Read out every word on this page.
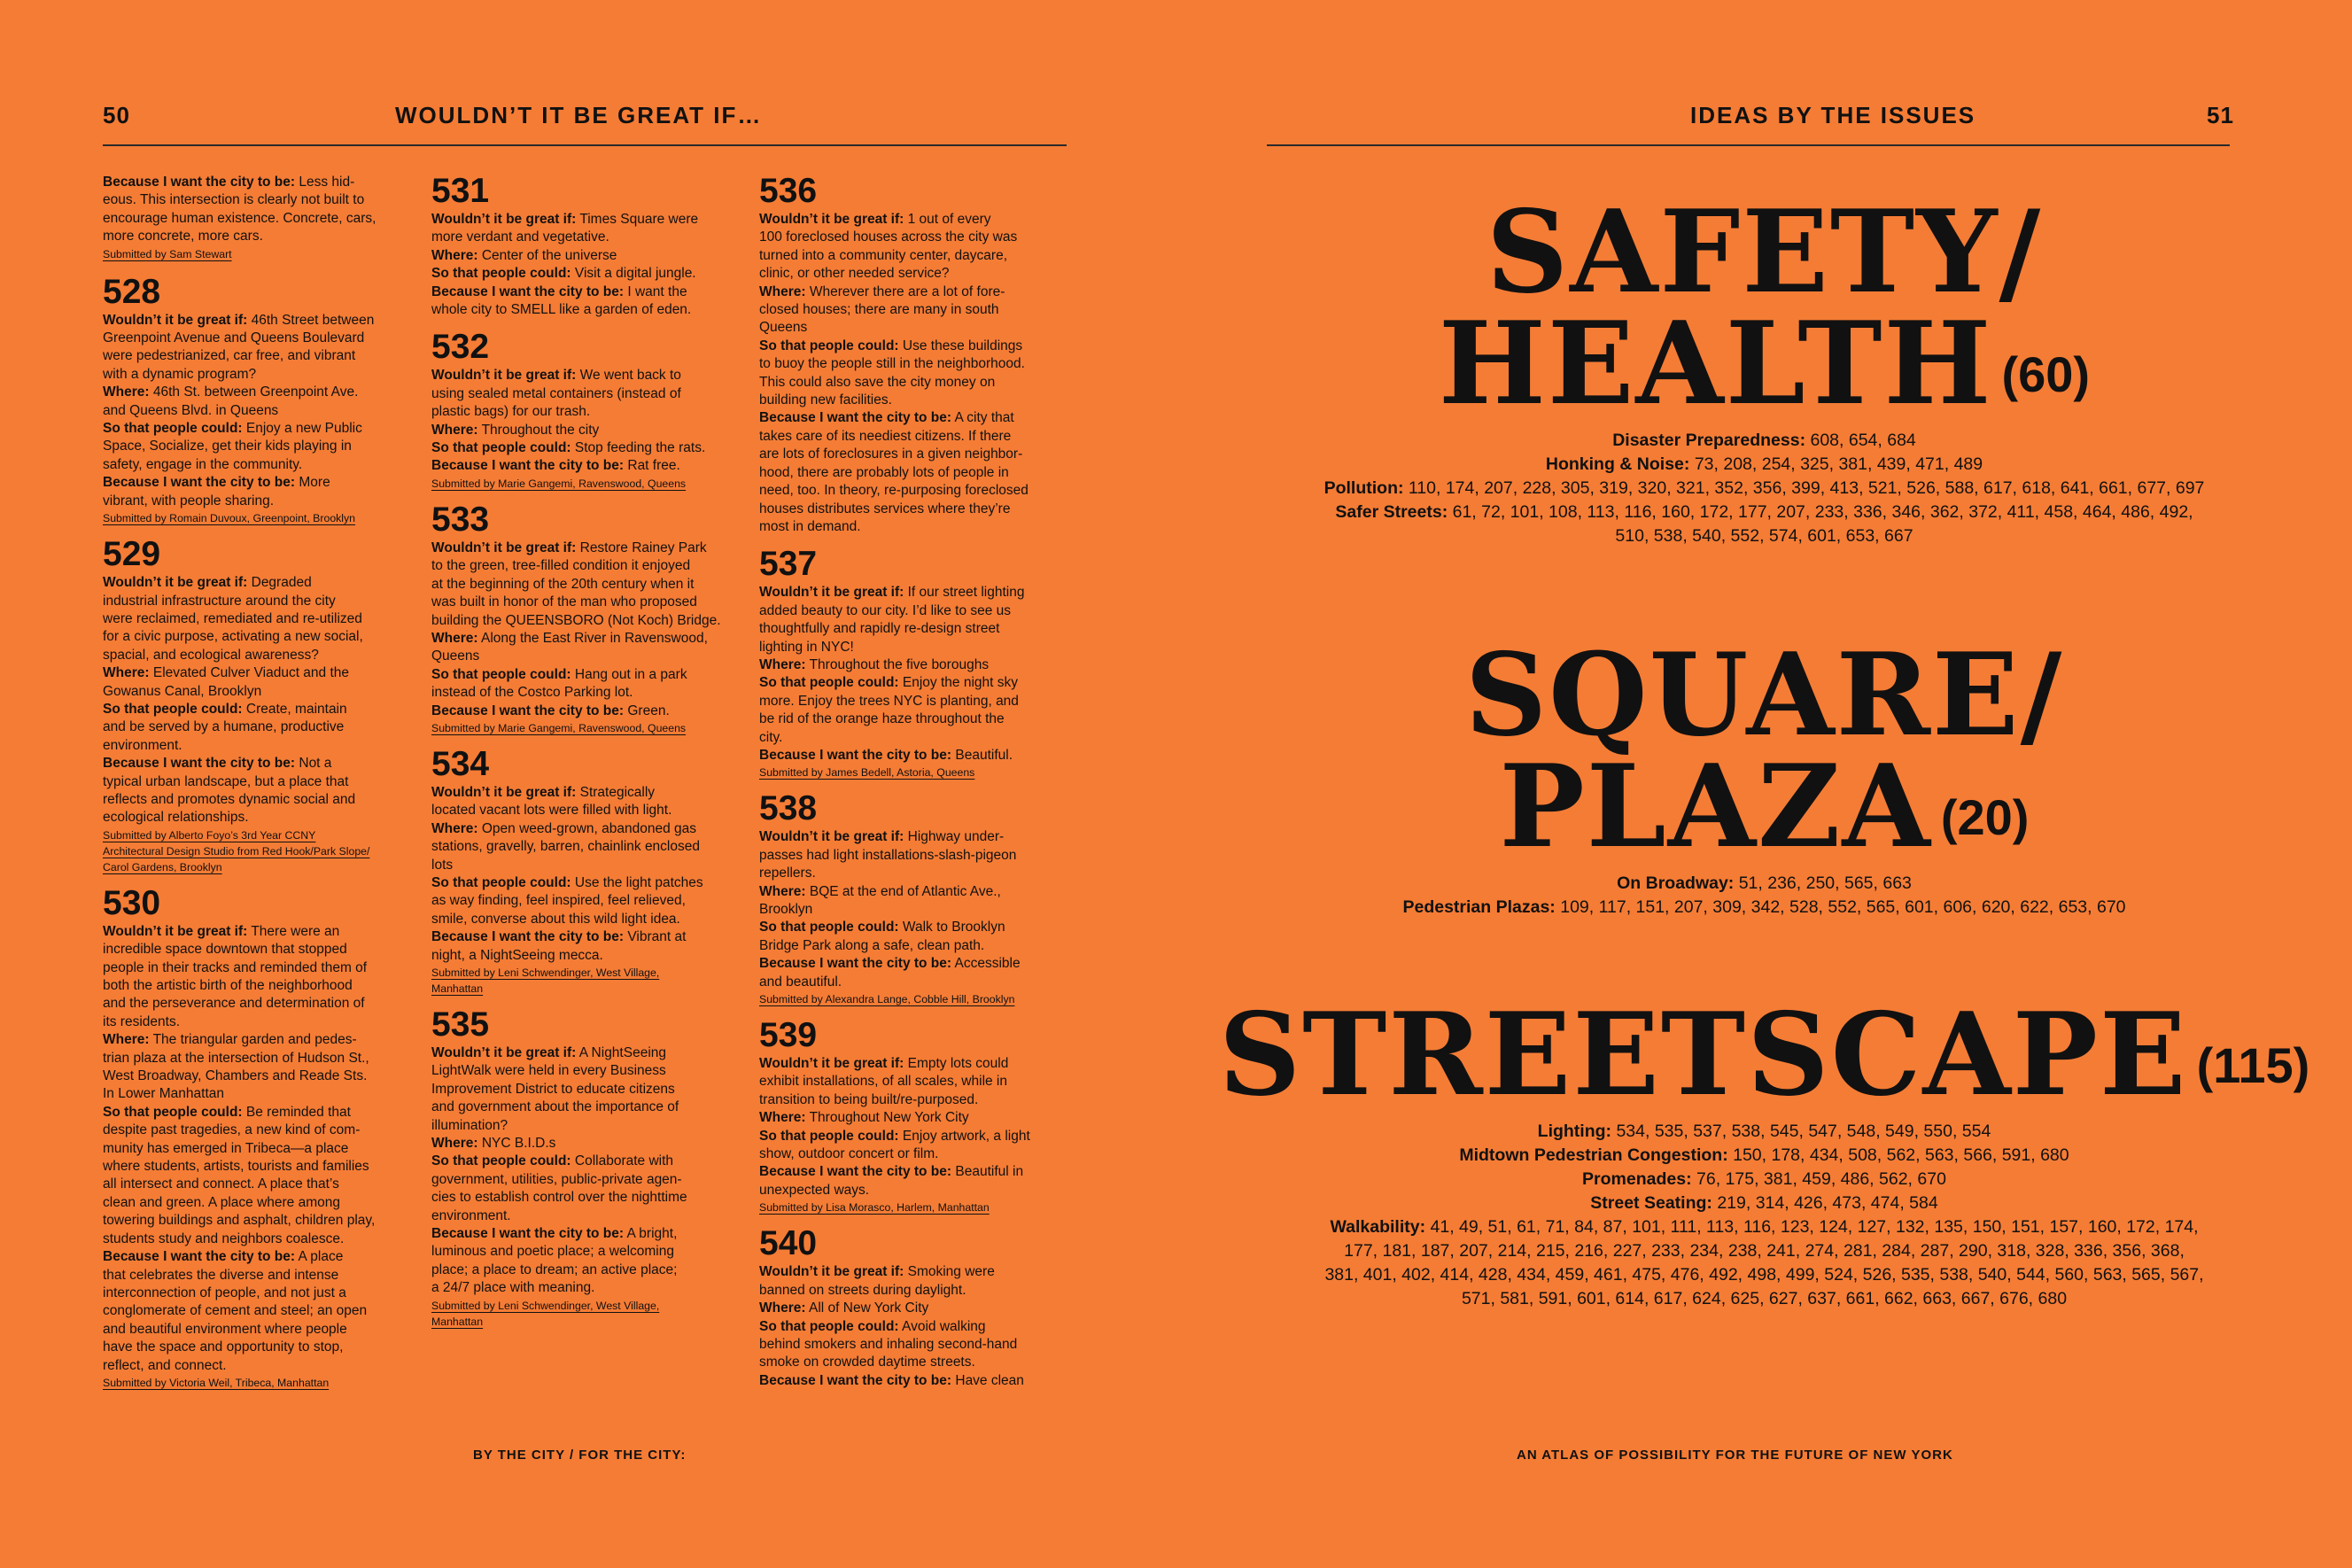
50	WOULDN’T IT BE GREAT IF…
Because I want the city to be: Less hid-
eous. This intersection is clearly not built to
encourage human existence. Concrete, cars,
more concrete, more cars.
Submitted by Sam Stewart

528
Wouldn’t it be great if: 46th Street between
Greenpoint Avenue and Queens Boulevard
were pedestrianized, car free, and vibrant
with a dynamic program?
Where: 46th St. between Greenpoint Ave.
and Queens Blvd. in Queens
So that people could: Enjoy a new Public
Space, Socialize, get their kids playing in
safety, engage in the community.
Because I want the city to be: More
vibrant, with people sharing.
Submitted by Romain Duvoux, Greenpoint, Brooklyn

529
Wouldn’t it be great if: Degraded
industrial infrastructure around the city
were reclaimed, remediated and re-utilized
for a civic purpose, activating a new social,
spacial, and ecological awareness?
Where: Elevated Culver Viaduct and the
Gowanus Canal, Brooklyn
So that people could: Create, maintain
and be served by a humane, productive
environment.
Because I want the city to be: Not a
typical urban landscape, but a place that
reflects and promotes dynamic social and
ecological relationships.
Submitted by Alberto Foyo’s 3rd Year CCNY
Architectural Design Studio from Red Hook/Park Slope/
Carol Gardens, Brooklyn

530
Wouldn’t it be great if: There were an
incredible space downtown that stopped
people in their tracks and reminded them of
both the artistic birth of the neighborhood
and the perseverance and determination of
its residents.
Where: The triangular garden and pedes-
trian plaza at the intersection of Hudson St.,
West Broadway, Chambers and Reade Sts.
In Lower Manhattan
So that people could: Be reminded that
despite past tragedies, a new kind of com-
munity has emerged in Tribeca—a place
where students, artists, tourists and families
all intersect and connect. A place that’s
clean and green. A place where among
towering buildings and asphalt, children play,
students study and neighbors coalesce.
Because I want the city to be: A place
that celebrates the diverse and intense
interconnection of people, and not just a
conglomerate of cement and steel; an open
and beautiful environment where people
have the space and opportunity to stop,
reflect, and connect.
Submitted by Victoria Weil, Tribeca, Manhattan

531
Wouldn’t it be great if: Times Square were
more verdant and vegetative.
Where: Center of the universe
So that people could: Visit a digital jungle.
Because I want the city to be: I want the
whole city to SMELL like a garden of eden.
532
Wouldn’t it be great if: We went back to
using sealed metal containers (instead of
plastic bags) for our trash.
Where: Throughout the city
So that people could: Stop feeding the rats.
Because I want the city to be: Rat free.
Submitted by Marie Gangemi, Ravenswood, Queens

533
Wouldn’t it be great if: Restore Rainey Park
to the green, tree-filled condition it enjoyed
at the beginning of the 20th century when it
was built in honor of the man who proposed
building the QUEENSBORO (Not Koch) Bridge.
Where: Along the East River in Ravenswood,
Queens
So that people could: Hang out in a park
instead of the Costco Parking lot.
Because I want the city to be: Green.
Submitted by Marie Gangemi, Ravenswood, Queens

534
Wouldn’t it be great if: Strategically
located vacant lots were filled with light.
Where: Open weed-grown, abandoned gas
stations, gravelly, barren, chainlink enclosed
lots
So that people could: Use the light patches
as way finding, feel inspired, feel relieved,
smile, converse about this wild light idea.
Because I want the city to be: Vibrant at
night, a NightSeeing mecca.
Submitted by Leni Schwendinger, West Village,
Manhattan

535
Wouldn’t it be great if: A NightSeeing
LightWalk were held in every Business
Improvement District to educate citizens
and government about the importance of
illumination?
Where: NYC B.I.D.s
So that people could: Collaborate with
government, utilities, public-private agen-
cies to establish control over the nighttime
environment.
Because I want the city to be: A bright,
luminous and poetic place; a welcoming
place; a place to dream; an active place;
a 24/7 place with meaning.
Submitted by Leni Schwendinger, West Village,
Manhattan

536
Wouldn’t it be great if: 1 out of every
100 foreclosed houses across the city was
turned into a community center, daycare,
clinic, or other needed service?
Where: Wherever there are a lot of fore-
closed houses; there are many in south
Queens
So that people could: Use these buildings
to buoy the people still in the neighborhood.
This could also save the city money on
building new facilities.
Because I want the city to be: A city that
takes care of its neediest citizens. If there
are lots of foreclosures in a given neighbor-
hood, there are probably lots of people in
need, too. In theory, re-purposing foreclosed
houses distributes services where they’re
most in demand.
537
Wouldn’t it be great if: If our street lighting
added beauty to our city. I’d like to see us
thoughtfully and rapidly re-design street
lighting in NYC!
Where: Throughout the five boroughs
So that people could: Enjoy the night sky
more. Enjoy the trees NYC is planting, and
be rid of the orange haze throughout the
city.
Because I want the city to be: Beautiful.
Submitted by James Bedell, Astoria, Queens

538
Wouldn’t it be great if: Highway under-
passes had light installations-slash-pigeon
repellers.
Where: BQE at the end of Atlantic Ave.,
Brooklyn
So that people could: Walk to Brooklyn
Bridge Park along a safe, clean path.
Because I want the city to be: Accessible
and beautiful.
Submitted by Alexandra Lange, Cobble Hill, Brooklyn

539
Wouldn’t it be great if: Empty lots could
exhibit installations, of all scales, while in
transition to being built/re-purposed.
Where: Throughout New York City
So that people could: Enjoy artwork, a light
show, outdoor concert or film.
Because I want the city to be: Beautiful in
unexpected ways.
Submitted by Lisa Morasco, Harlem, Manhattan

540
Wouldn’t it be great if: Smoking were
banned on streets during daylight.
Where: All of New York City
So that people could: Avoid walking
behind smokers and inhaling second-hand
smoke on crowded daytime streets.
Because I want the city to be: Have clean
BY THE CITY / FOR THE CITY:
IDEAS BY THE ISSUES	51
SAFETY/
HEALTH $^{(60)}$
Disaster Preparedness: 608, 654, 684
Honking & Noise: 73, 208, 254, 325, 381, 439, 471, 489
Pollution: 110, 174, 207, 228, 305, 319, 320, 321, 352, 356, 399, 413, 521, 526, 588, 617, 618, 641, 661, 677, 697
Safer Streets: 61, 72, 101, 108, 113, 116, 160, 172, 177, 207, 233, 336, 346, 362, 372, 411, 458, 464, 486, 492,
510, 538, 540, 552, 574, 601, 653, 667
SQUARE/
PLAZA $^{(20)}$
On Broadway: 51, 236, 250, 565, 663
Pedestrian Plazas: 109, 117, 151, 207, 309, 342, 528, 552, 565, 601, 606, 620, 622, 653, 670
STREETSCAPE $^{(115)}$
Lighting: 534, 535, 537, 538, 545, 547, 548, 549, 550, 554
Midtown Pedestrian Congestion: 150, 178, 434, 508, 562, 563, 566, 591, 680
Promenades: 76, 175, 381, 459, 486, 562, 670
Street Seating: 219, 314, 426, 473, 474, 584
Walkability: 41, 49, 51, 61, 71, 84, 87, 101, 111, 113, 116, 123, 124, 127, 132, 135, 150, 151, 157, 160, 172, 174,
177, 181, 187, 207, 214, 215, 216, 227, 233, 234, 238, 241, 274, 281, 284, 287, 290, 318, 328, 336, 356, 368,
381, 401, 402, 414, 428, 434, 459, 461, 475, 476, 492, 498, 499, 524, 526, 535, 538, 540, 544, 560, 563, 565, 567,
571, 581, 591, 601, 614, 617, 624, 625, 627, 637, 661, 662, 663, 667, 676, 680
AN ATLAS OF POSSIBILITY FOR THE FUTURE OF NEW YORK
